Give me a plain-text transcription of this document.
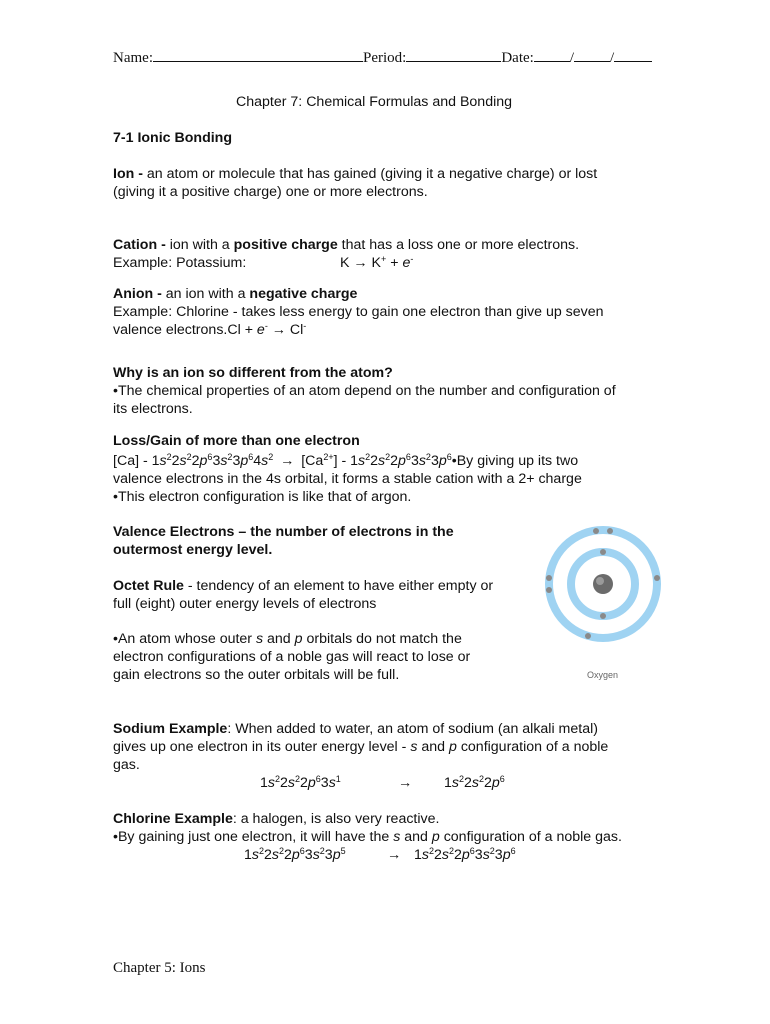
Name:	Period:	Date: / /
Chapter 7: Chemical Formulas and Bonding
7-1 Ionic Bonding
Ion - an atom or molecule that has gained (giving it a negative charge) or lost
(giving it a positive charge) one or more electrons.
Cation - ion with a positive charge that has a loss one or more electrons.
Example: Potassium:	K → K+ + e-
Anion - an ion with a negative charge
Example: Chlorine - takes less energy to gain one electron than give up seven
valence electrons.Cl + e- → Cl-
Why is an ion so different from the atom?
•The chemical properties of an atom depend on the number and configuration of
its electrons.
Loss/Gain of more than one electron
$[Ca] - 1s^22s^22p^63s^23p^64s^2 \to [Ca^{2+}]$ - $1s^22s^22p^63s^23p^6•By$ giving up its two
valence electrons in the 4s orbital, it forms a stable cation with a 2+ charge
•This electron configuration is like that of argon.
Valence Electrons – the number of electrons in the
outermost energy level.
Octet Rule - tendency of an element to have either empty or
full (eight) outer energy levels of electrons
•An atom whose outer s and p orbitals do not match the
electron configurations of a noble gas will react to lose or
gain electrons so the outer orbitals will be full.	Oxygen
Sodium Example: When added to water, an atom of sodium (an alkali metal)
gives up one electron in its outer energy level - s and p configuration of a noble
gas.
$1s^22s^22p^63s^1$	→ $1s^22s^22p^6$
Chlorine Example: a halogen, is also very reactive.
•By gaining just one electron, it will have the s and p configuration of a noble gas.
$1s^22s^22p^63s^23p^5$	→ $1s^22s^22p^63s^23p^6$
Chapter 5: Ions
